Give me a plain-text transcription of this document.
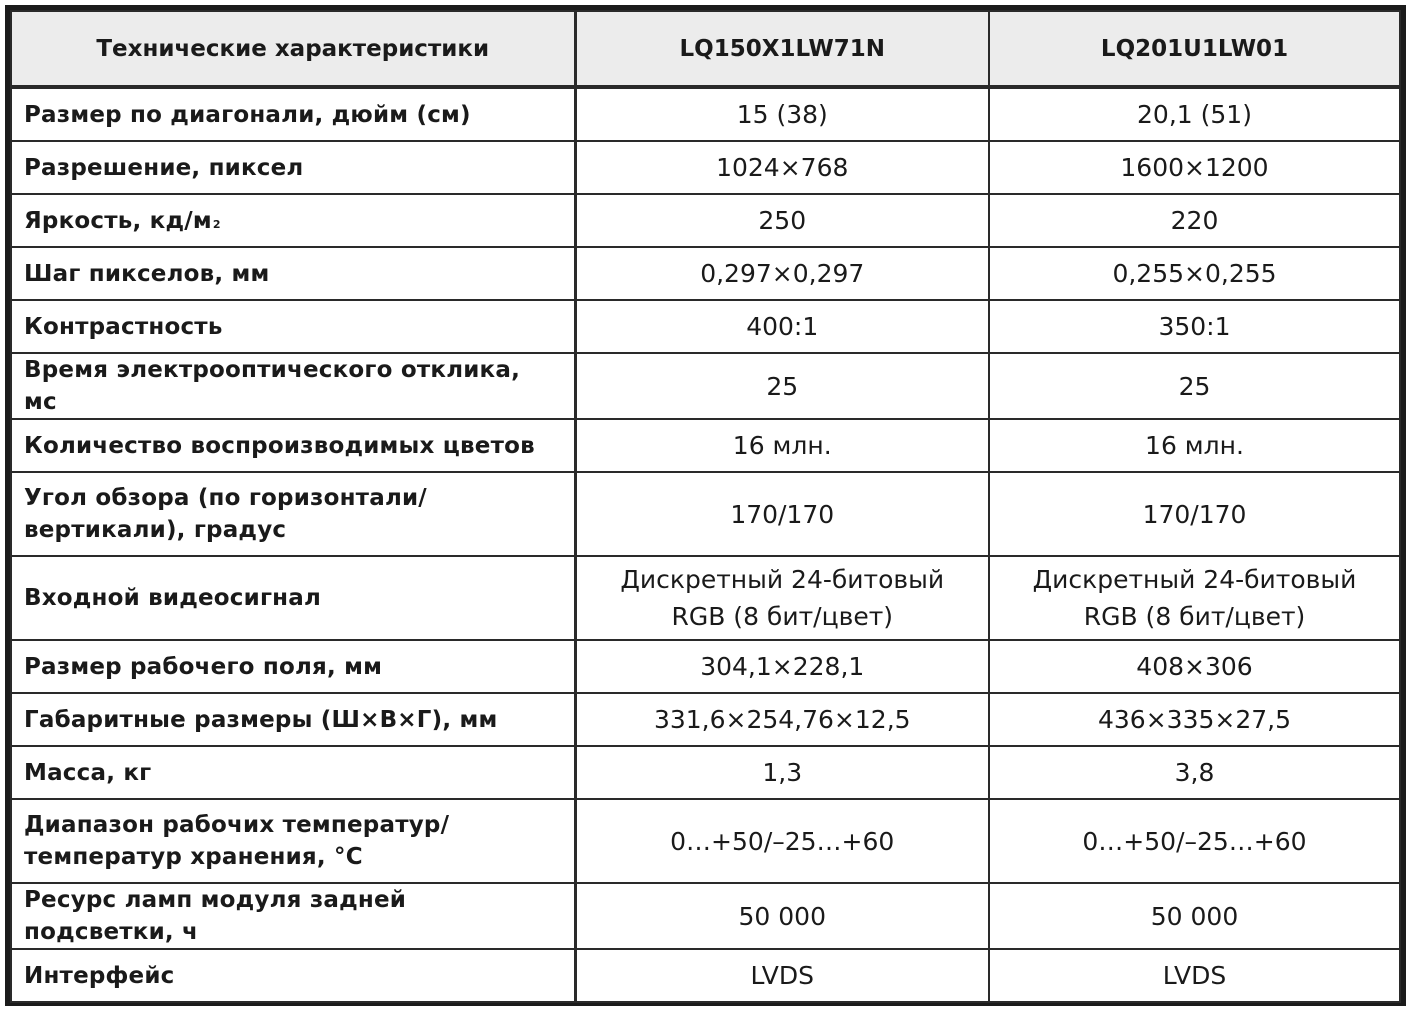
Технические характеристики	LQ150X1LW71N	LQ201U1LW01
Размер по диагонали, дюйм (см)	15 (38)	20,1 (51)
Разрешение, пиксел	1024×768	1600×1200
Яркость, $кд/м^2$	250	220
Шаг пикселов, мм	0,297×0,297	0,255×0,255
Контрастность	400:1	350:1
Время электрооптического отклика, мс	25	25
Количество воспроизводимых цветов	16 млн.	16 млн.
Угол обзора (по горизонтали/вертикали), градус	170/170	170/170
Входной видеосигнал	Дискретный 24-битовый RGB (8 бит/цвет)	Дискретный 24-битовый RGB (8 бит/цвет)
Размер рабочего поля, мм	304,1×228,1	408×306
Габаритные размеры (Ш×В×Г), мм	331,6×254,76×12,5	436×335×27,5
Масса, кг	1,3	3,8
Диапазон рабочих температур/температур хранения, °С	0…+50/–25…+60	0…+50/–25…+60
Ресурс ламп модуля задней подсветки, ч	50 000	50 000
Интерфейс	LVDS	LVDS
